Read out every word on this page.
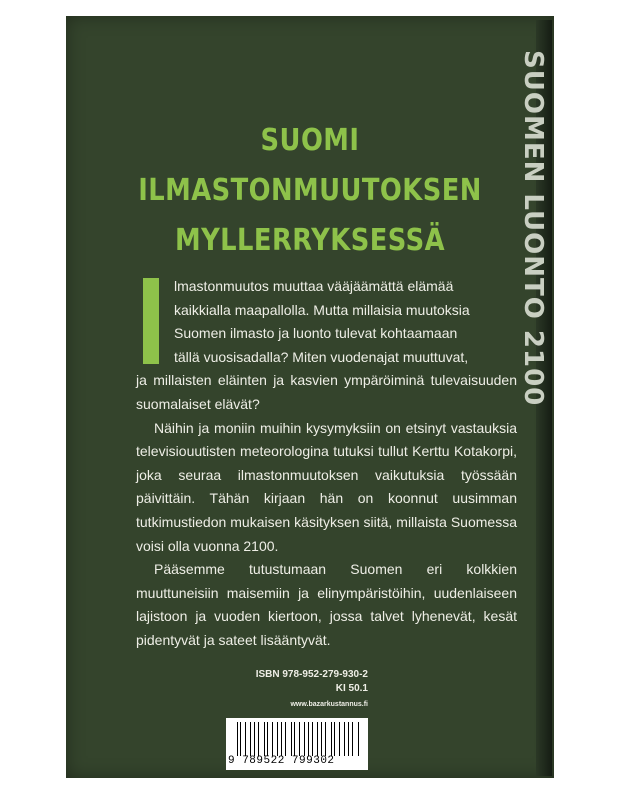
SUOMEN LUONTO 2100
SUOMI
ILMASTONMUUTOKSEN
MYLLERRYKSESSÄ
lmastonmuutos muuttaa vääjäämättä elämää
kaikkialla maapallolla. Mutta millaisia muutoksia
Suomen ilmasto ja luonto tulevat kohtaamaan
tällä vuosisadalla? Miten vuodenajat muuttuvat,

ja millaisten eläinten ja kasvien ympäröiminä tulevaisuuden suomalaiset elävät?

Näihin ja moniin muihin kysymyksiin on etsinyt vastauksia televisiouutisten meteorologina tutuksi tullut Kerttu Kotakorpi, joka seuraa ilmastonmuutoksen vaikutuksia työssään päivittäin. Tähän kirjaan hän on koonnut uusimman tutkimustiedon mukaisen käsityksen siitä, millaista Suomessa voisi olla vuonna 2100.

Pääsemme tutustumaan Suomen eri kolkkien muuttuneisiin maisemiin ja elinympäristöihin, uudenlaiseen lajistoon ja vuoden kiertoon, jossa talvet lyhenevät, kesät pidentyvät ja sateet lisääntyvät.

ISBN 978-952-279-930-2
KI 50.1
www.bazarkustannus.fi
9 789522 799302
